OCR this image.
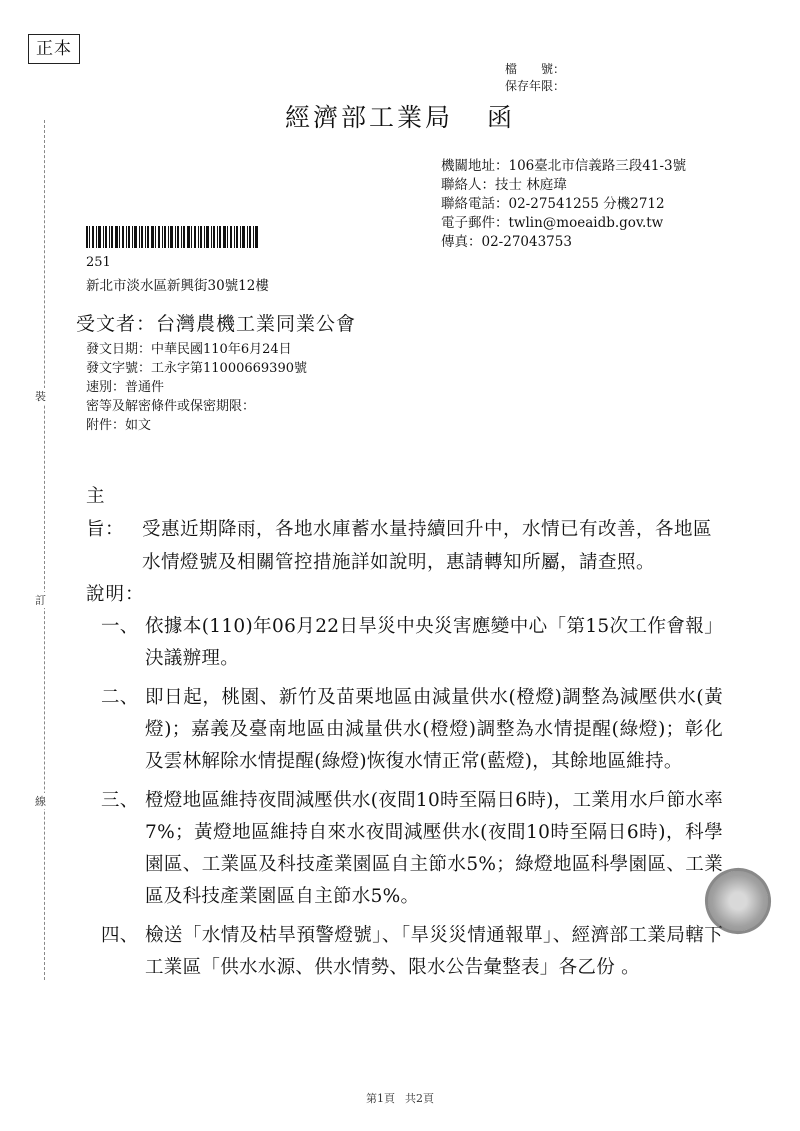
正本
檔　　號：
保存年限：
經濟部工業局 函
機關地址：106臺北市信義路三段41-3號
聯絡人：技士 林庭瑋
聯絡電話：02-27541255 分機2712
電子郵件：twlin@moeaidb.gov.tw
傳真：02-27043753
裝
訂
線
251
新北市淡水區新興街30號12樓
受文者：台灣農機工業同業公會
發文日期：中華民國110年6月24日
發文字號：工永字第11000669390號
速別：普通件
密等及解密條件或保密期限：
附件：如文
主旨： 受惠近期降雨，各地水庫蓄水量持續回升中，水情已有改善，各地區水情燈號及相關管控措施詳如說明，惠請轉知所屬，請查照。
說明：
一、 依據本(110)年06月22日旱災中央災害應變中心「第15次工作會報」決議辦理。
二、 即日起，桃園、新竹及苗栗地區由減量供水(橙燈)調整為減壓供水(黃燈)；嘉義及臺南地區由減量供水(橙燈)調整為水情提醒(綠燈)；彰化及雲林解除水情提醒(綠燈)恢復水情正常(藍燈)，其餘地區維持。
三、 橙燈地區維持夜間減壓供水(夜間10時至隔日6時)，工業用水戶節水率7%；黃燈地區維持自來水夜間減壓供水(夜間10時至隔日6時)，科學園區、工業區及科技產業園區自主節水5%；綠燈地區科學園區、工業區及科技產業園區自主節水5%。
四、 檢送「水情及枯旱預警燈號」、「旱災災情通報單」、經濟部工業局轄下工業區「供水水源、供水情勢、限水公告彙整表」各乙份 。
第1頁 共2頁
